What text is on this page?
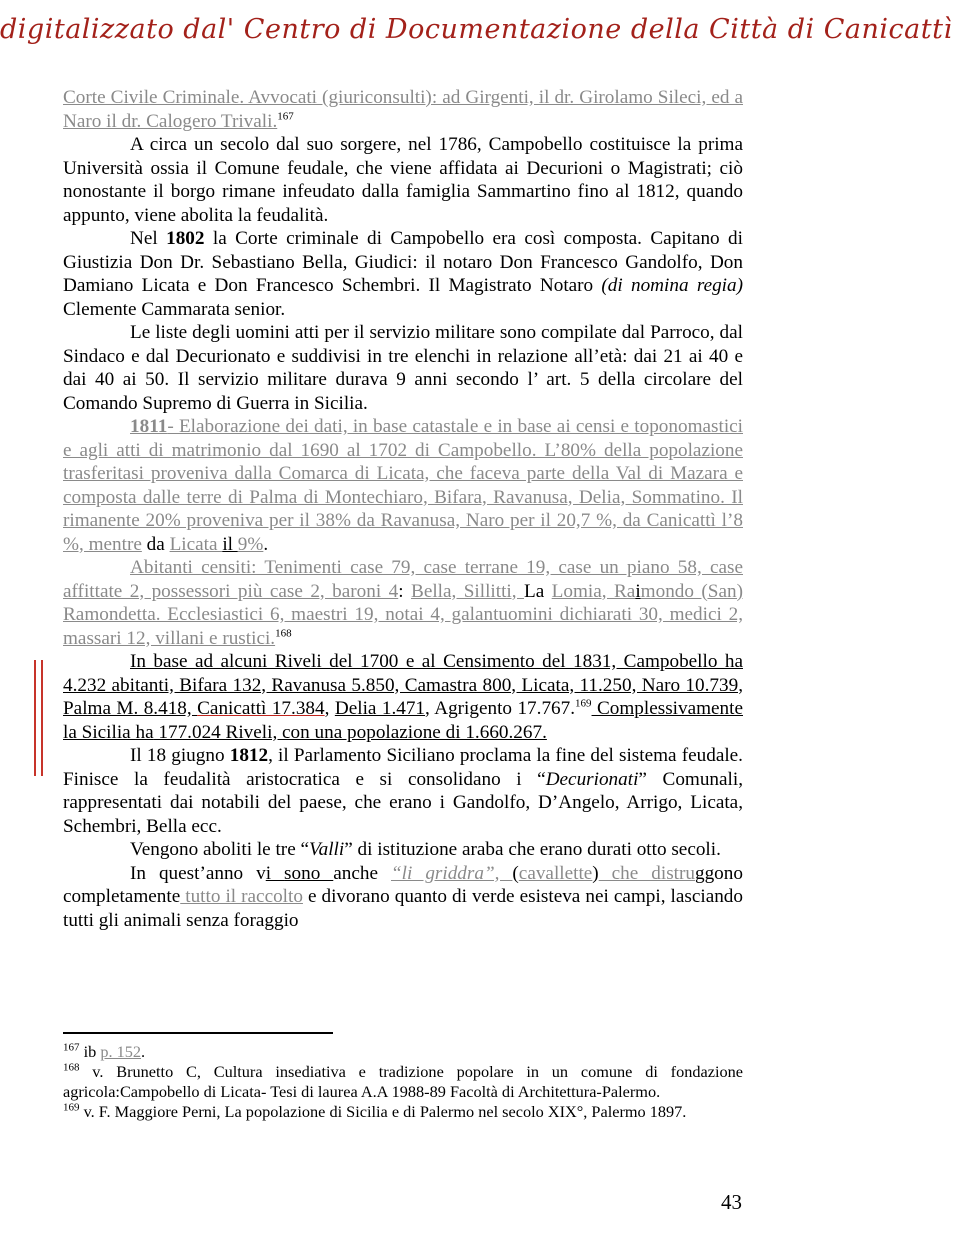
digitalizzato dal' Centro di Documentazione della Città di Canicattì

Corte Civile Criminale. Avvocati (giuriconsulti): ad Girgenti, il dr. Girolamo Sileci, ed a Naro il dr. Calogero Trivali.$^{167}$

A circa un secolo dal suo sorgere, nel 1786, Campobello costituisce la prima Università ossia il Comune feudale, che viene affidata ai Decurioni o Magistrati; ciò nonostante il borgo rimane infeudato dalla famiglia Sammartino fino al 1812, quando appunto, viene abolita la feudalità.

Nel 1802 la Corte criminale di Campobello era così composta. Capitano di Giustizia Don Dr. Sebastiano Bella, Giudici: il notaro Don Francesco Gandolfo, Don Damiano Licata e Don Francesco Schembri. Il Magistrato Notaro (di nomina regia) Clemente Cammarata senior.

Le liste degli uomini atti per il servizio militare sono compilate dal Parroco, dal Sindaco e dal Decurionato e suddivisi in tre elenchi in relazione all’età: dai 21 ai 40 e dai 40 ai 50. Il servizio militare durava 9 anni secondo l’ art. 5 della circolare del Comando Supremo di Guerra in Sicilia.

1811- Elaborazione dei dati, in base catastale e in base ai censi e toponomastici e agli atti di matrimonio dal 1690 al 1702 di Campobello. L’80% della popolazione trasferitasi proveniva dalla Comarca di Licata, che faceva parte della Val di Mazara e composta dalle terre di Palma di Montechiaro, Bifara, Ravanusa, Delia, Sommatino. Il rimanente 20% proveniva per il 38% da Ravanusa, Naro per il 20,7 %, da Canicattì l’8 %, mentre da Licata il 9%.

Abitanti censiti: Tenimenti case 79, case terrane 19, case un piano 58, case affittate 2, possessori più case 2, baroni 4: Bella, Sillitti, La Lomia, Raimondo (San) Ramondetta. Ecclesiastici 6, maestri 19, notai 4, galantuomini dichiarati 30, medici 2, massari 12, villani e rustici.$^{168}$

In base ad alcuni Riveli del 1700 e al Censimento del 1831, Campobello ha 4.232 abitanti, Bifara 132, Ravanusa 5.850, Camastra 800, Licata, 11.250, Naro 10.739, Palma M. 8.418, Canicattì 17.384, Delia 1.471, Agrigento 17.767.$^{169}$ Complessivamente la Sicilia ha 177.024 Riveli, con una popolazione di 1.660.267.

Il 18 giugno 1812, il Parlamento Siciliano proclama la fine del sistema feudale. Finisce la feudalità aristocratica e si consolidano i “Decurionati” Comunali, rappresentati dai notabili del paese, che erano i Gandolfo, D’Angelo, Arrigo, Licata, Schembri, Bella ecc.

Vengono aboliti le tre “Valli” di istituzione araba che erano durati otto secoli.

In quest’anno vi sono anche “li griddra”, (cavallette) che distruggono completamente tutto il raccolto e divorano quanto di verde esisteva nei campi, lasciando tutti gli animali senza foraggio

$^{167}$ ib p. 152.

$^{168}$ v. Brunetto C, Cultura insediativa e tradizione popolare in un comune di fondazione agricola:Campobello di Licata- Tesi di laurea A.A 1988-89 Facoltà di Architettura-Palermo.

$^{169}$ v. F. Maggiore Perni, La popolazione di Sicilia e di Palermo nel secolo XIX°, Palermo 1897.

43
